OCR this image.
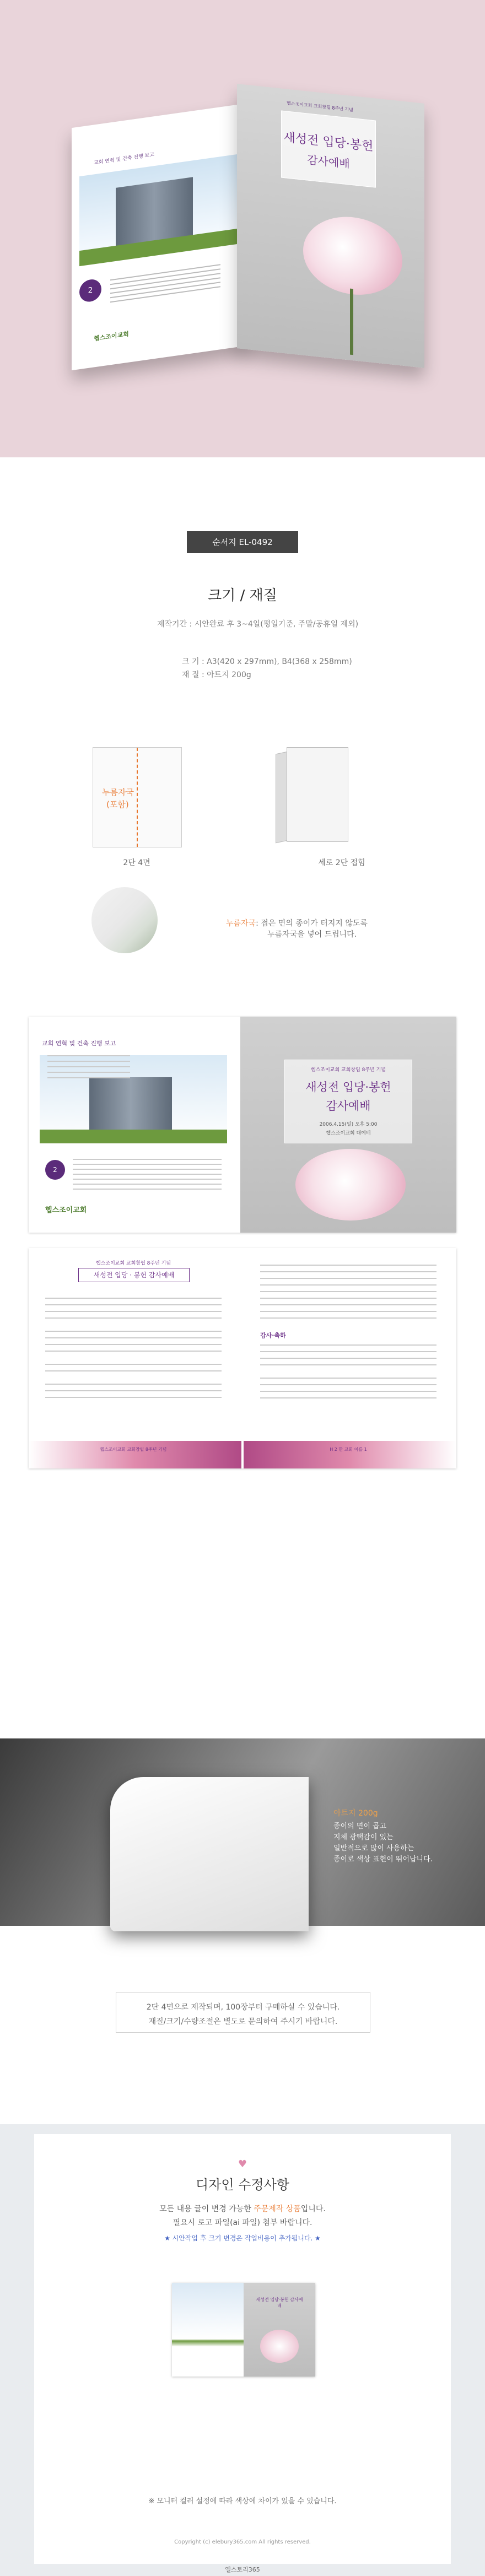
교회 연혁 및 건축 진행 보고
2
헵스조이교회
헵스조이교회 교회창립 8주년 기념
새성전 입당·봉헌
감사예배
순서지 EL-0492
크기 / 재질
제작기간 : 시안완료 후 3~4일(평일기준, 주말/공휴일 제외)
크 기 : A3(420 x 297mm), B4(368 x 258mm)
재 질 : 아트지 200g
누름자국
(포함)
2단 4면	세로 2단 접힘
누름자국: 접은 면의 종이가 터지지 않도록
누름자국을 넣어 드립니다.
교회 연혁 및 건축 진행 보고
2
헵스조이교회
헵스조이교회 교회창립 8주년 기념
새성전 입당·봉헌
감사예배
2006.4.15(일) 오후 5:00
헵스조이교회 대예배
헵스조이교회 교회창립 8주년 기념
새성전 입당 · 봉헌 감사예배
감사·축하
H 2 한 교회 이를 1
헵스조이교회 교회창립 8주년 기념
아트지 200g
종이의 면이 곱고
지체 광택감이 있는
일반적으로 많이 사용하는
종이로 색상 표현이 뛰어납니다.
2단 4면으로 제작되며, 100장부터 구매하실 수 있습니다.
재질/크기/수량조절은 별도로 문의하여 주시기 바랍니다.
♥
디자인 수정사항
모든 내용 글이 변경 가능한 주문제작 상품입니다.
필요시 로고 파일(ai 파일) 첨부 바랍니다.
★ 시안작업 후 크기 변경은 작업비용이 추가됩니다. ★
새성전 입당·봉헌 감사예배
※ 모니터 컬러 설정에 따라 색상에 차이가 있을 수 있습니다.
Copyright (c) elebury365.com All rights reserved.
엘스토리365
